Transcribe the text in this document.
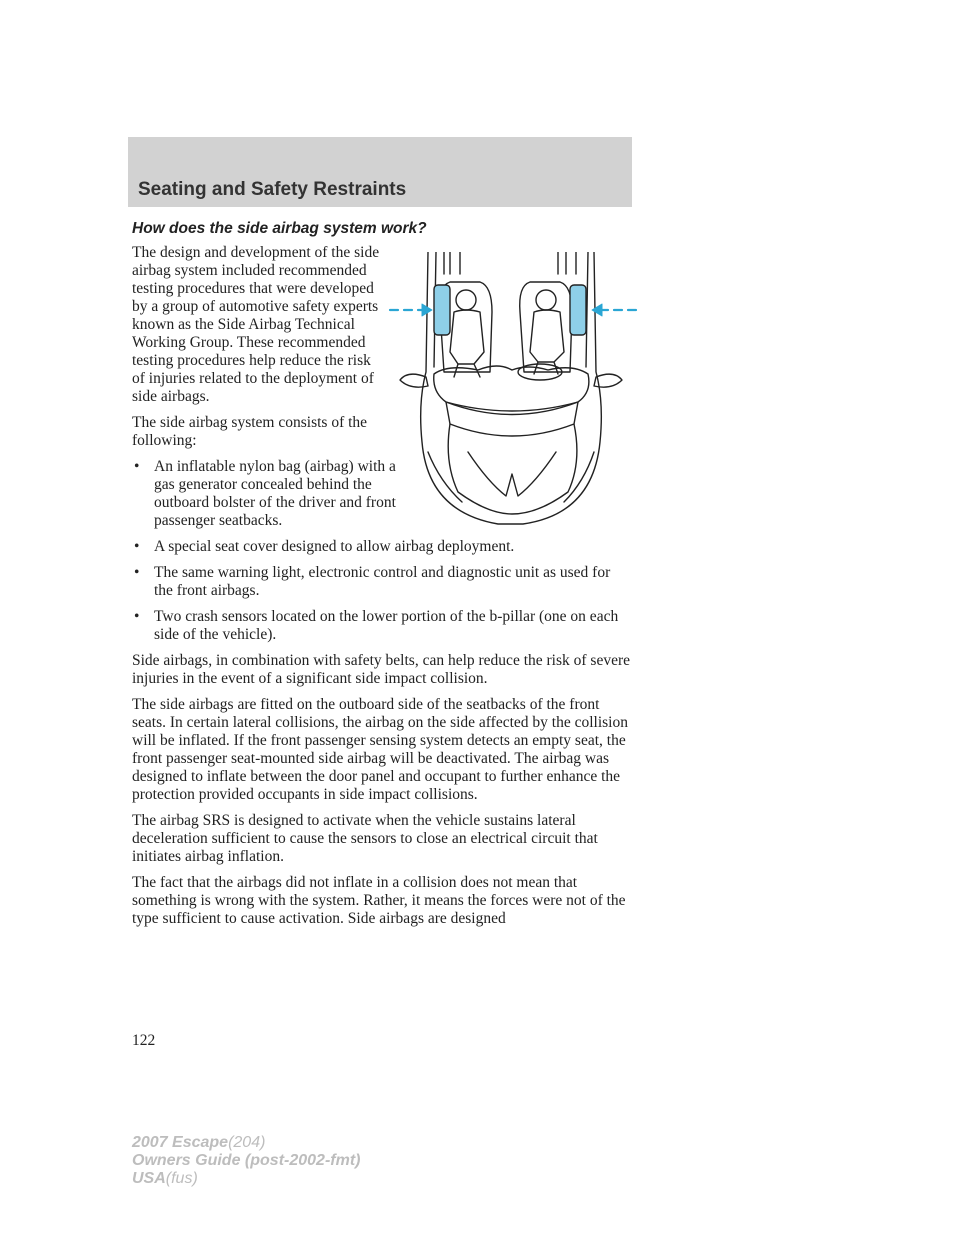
Seating and Safety Restraints
How does the side airbag system work?

The design and development of the side airbag system included recommended testing procedures that were developed by a group of automotive safety experts known as the Side Airbag Technical Working Group. These recommended testing procedures help reduce the risk of injuries related to the deployment of side airbags.

The side airbag system consists of the following:

• An inflatable nylon bag (airbag) with a gas generator concealed behind the outboard bolster of the driver and front passenger seatbacks.
• A special seat cover designed to allow airbag deployment.
• The same warning light, electronic control and diagnostic unit as used for the front airbags.
• Two crash sensors located on the lower portion of the b-pillar (one on each side of the vehicle).

Side airbags, in combination with safety belts, can help reduce the risk of severe injuries in the event of a significant side impact collision.

The side airbags are fitted on the outboard side of the seatbacks of the front seats. In certain lateral collisions, the airbag on the side affected by the collision will be inflated. If the front passenger sensing system detects an empty seat, the front passenger seat-mounted side airbag will be deactivated. The airbag was designed to inflate between the door panel and occupant to further enhance the protection provided occupants in side impact collisions.

The airbag SRS is designed to activate when the vehicle sustains lateral deceleration sufficient to cause the sensors to close an electrical circuit that initiates airbag inflation.

The fact that the airbags did not inflate in a collision does not mean that something is wrong with the system. Rather, it means the forces were not of the type sufficient to cause activation. Side airbags are designed

122
2007 Escape(204)
Owners Guide (post-2002-fmt)
USA(fus)
